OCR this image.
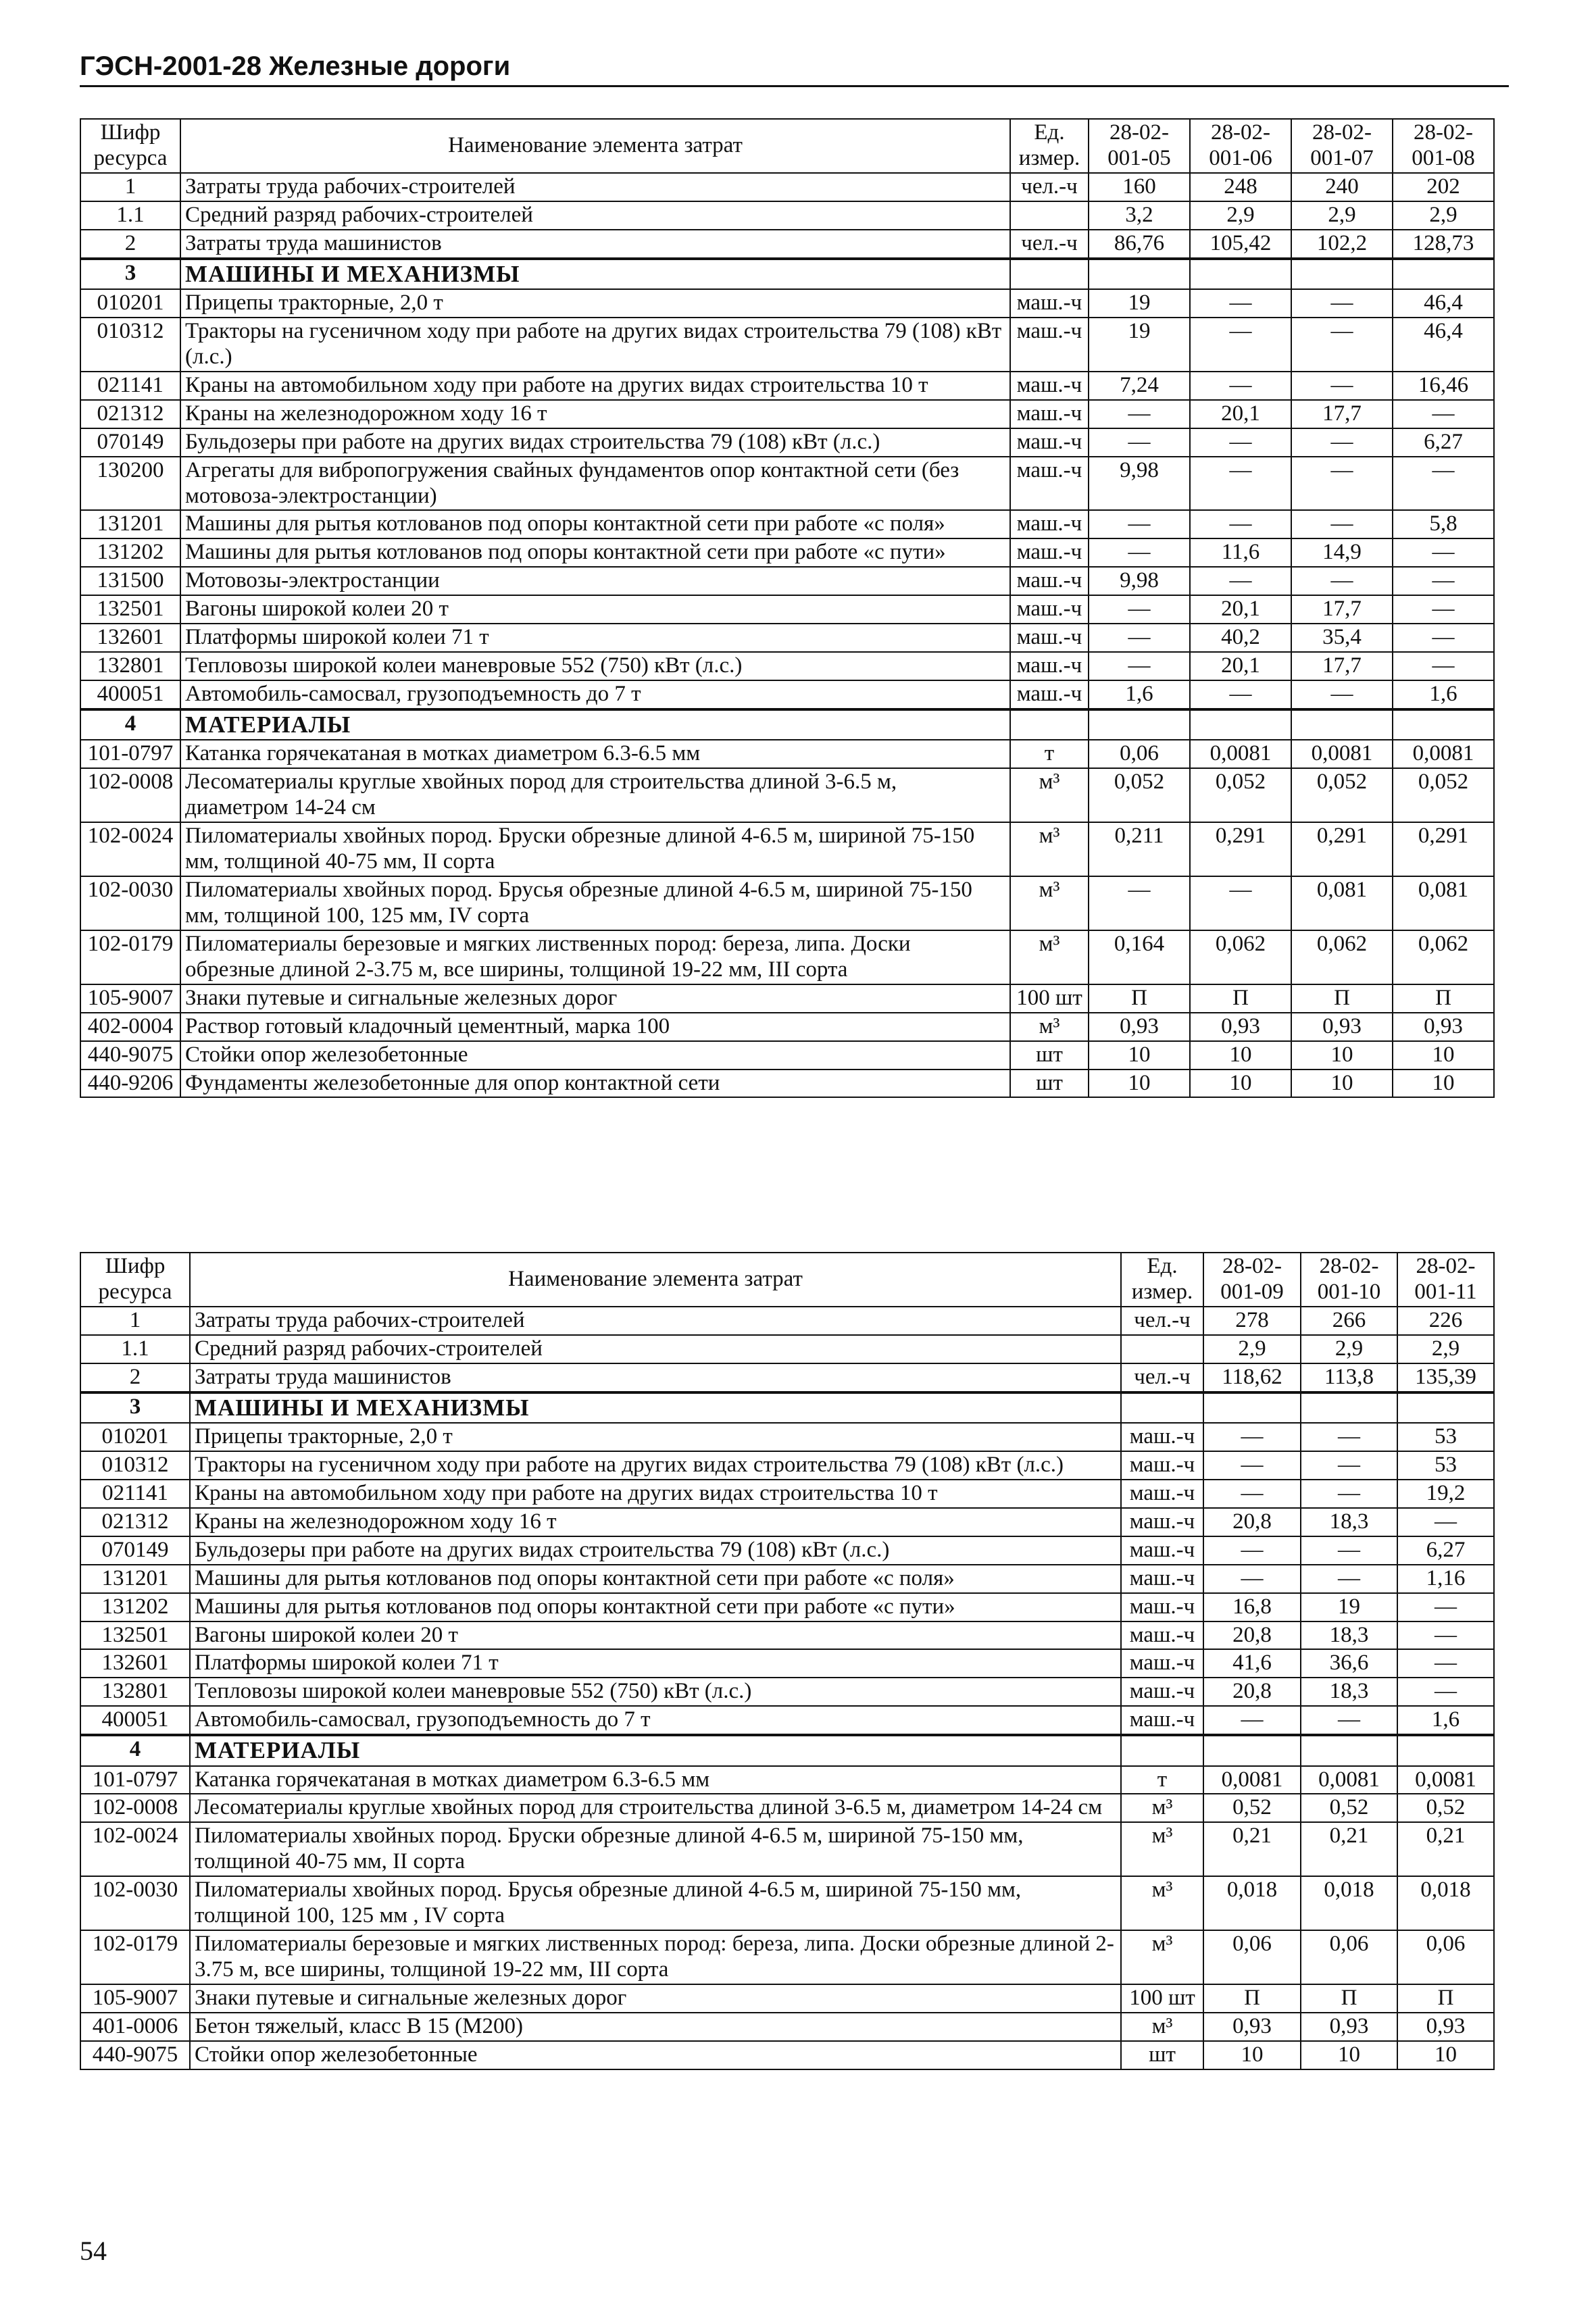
ГЭСН-2001-28 Железные дороги
Шифр ресурса	Наименование элемента затрат	Ед. измер.	28-02-001-05	28-02-001-06	28-02-001-07	28-02-001-08
1	Затраты труда рабочих-строителей	чел.-ч	160	248	240	202
1.1	Средний разряд рабочих-строителей		3,2	2,9	2,9	2,9
2	Затраты труда машинистов	чел.-ч	86,76	105,42	102,2	128,73
3	МАШИНЫ И МЕХАНИЗМЫ					
010201	Прицепы тракторные, 2,0 т	маш.-ч	19	—	—	46,4
010312	Тракторы на гусеничном ходу при работе на других видах строительства 79 (108) кВт (л.с.)	маш.-ч	19	—	—	46,4
021141	Краны на автомобильном ходу при работе на других видах строительства 10 т	маш.-ч	7,24	—	—	16,46
021312	Краны на железнодорожном ходу 16 т	маш.-ч	—	20,1	17,7	—
070149	Бульдозеры при работе на других видах строительства 79 (108) кВт (л.с.)	маш.-ч	—	—	—	6,27
130200	Агрегаты для вибропогружения свайных фундаментов опор контактной сети (без мотовоза-электростанции)	маш.-ч	9,98	—	—	—
131201	Машины для рытья котлованов под опоры контактной сети при работе «с поля»	маш.-ч	—	—	—	5,8
131202	Машины для рытья котлованов под опоры контактной сети при работе «с пути»	маш.-ч	—	11,6	14,9	—
131500	Мотовозы-электростанции	маш.-ч	9,98	—	—	—
132501	Вагоны широкой колеи 20 т	маш.-ч	—	20,1	17,7	—
132601	Платформы широкой колеи 71 т	маш.-ч	—	40,2	35,4	—
132801	Тепловозы широкой колеи маневровые 552 (750) кВт (л.с.)	маш.-ч	—	20,1	17,7	—
400051	Автомобиль-самосвал, грузоподъемность до 7 т	маш.-ч	1,6	—	—	1,6
4	МАТЕРИАЛЫ					
101-0797	Катанка горячекатаная в мотках диаметром 6.3-6.5 мм	т	0,06	0,0081	0,0081	0,0081
102-0008	Лесоматериалы круглые хвойных пород для строительства длиной 3-6.5 м, диаметром 14-24 см	м³	0,052	0,052	0,052	0,052
102-0024	Пиломатериалы хвойных пород. Бруски обрезные длиной 4-6.5 м, шириной 75-150 мм, толщиной 40-75 мм, II сорта	м³	0,211	0,291	0,291	0,291
102-0030	Пиломатериалы хвойных пород. Брусья обрезные длиной 4-6.5 м, шириной 75-150 мм, толщиной 100, 125 мм, IV сорта	м³	—	—	0,081	0,081
102-0179	Пиломатериалы березовые и мягких лиственных пород: береза, липа. Доски обрезные длиной 2-3.75 м, все ширины, толщиной 19-22 мм, III сорта	м³	0,164	0,062	0,062	0,062
105-9007	Знаки путевые и сигнальные железных дорог	100 шт	П	П	П	П
402-0004	Раствор готовый кладочный цементный, марка 100	м³	0,93	0,93	0,93	0,93
440-9075	Стойки опор железобетонные	шт	10	10	10	10
440-9206	Фундаменты железобетонные для опор контактной сети	шт	10	10	10	10
Шифр ресурса	Наименование элемента затрат	Ед. измер.	28-02-001-09	28-02-001-10	28-02-001-11
1	Затраты труда рабочих-строителей	чел.-ч	278	266	226
1.1	Средний разряд рабочих-строителей		2,9	2,9	2,9
2	Затраты труда машинистов	чел.-ч	118,62	113,8	135,39
3	МАШИНЫ И МЕХАНИЗМЫ				
010201	Прицепы тракторные, 2,0 т	маш.-ч	—	—	53
010312	Тракторы на гусеничном ходу при работе на других видах строительства 79 (108) кВт (л.с.)	маш.-ч	—	—	53
021141	Краны на автомобильном ходу при работе на других видах строительства 10 т	маш.-ч	—	—	19,2
021312	Краны на железнодорожном ходу 16 т	маш.-ч	20,8	18,3	—
070149	Бульдозеры при работе на других видах строительства 79 (108) кВт (л.с.)	маш.-ч	—	—	6,27
131201	Машины для рытья котлованов под опоры контактной сети при работе «с поля»	маш.-ч	—	—	1,16
131202	Машины для рытья котлованов под опоры контактной сети при работе «с пути»	маш.-ч	16,8	19	—
132501	Вагоны широкой колеи 20 т	маш.-ч	20,8	18,3	—
132601	Платформы широкой колеи 71 т	маш.-ч	41,6	36,6	—
132801	Тепловозы широкой колеи маневровые 552 (750) кВт (л.с.)	маш.-ч	20,8	18,3	—
400051	Автомобиль-самосвал, грузоподъемность до 7 т	маш.-ч	—	—	1,6
4	МАТЕРИАЛЫ				
101-0797	Катанка горячекатаная в мотках диаметром 6.3-6.5 мм	т	0,0081	0,0081	0,0081
102-0008	Лесоматериалы круглые хвойных пород для строительства длиной 3-6.5 м, диаметром 14-24 см	м³	0,52	0,52	0,52
102-0024	Пиломатериалы хвойных пород. Бруски обрезные длиной 4-6.5 м, шириной 75-150 мм, толщиной 40-75 мм, II сорта	м³	0,21	0,21	0,21
102-0030	Пиломатериалы хвойных пород. Брусья обрезные длиной 4-6.5 м, шириной 75-150 мм, толщиной 100, 125 мм , IV сорта	м³	0,018	0,018	0,018
102-0179	Пиломатериалы березовые и мягких лиственных пород: береза, липа. Доски обрезные длиной 2-3.75 м, все ширины, толщиной 19-22 мм, III сорта	м³	0,06	0,06	0,06
105-9007	Знаки путевые и сигнальные железных дорог	100 шт	П	П	П
401-0006	Бетон тяжелый, класс В 15 (М200)	м³	0,93	0,93	0,93
440-9075	Стойки опор железобетонные	шт	10	10	10
54
